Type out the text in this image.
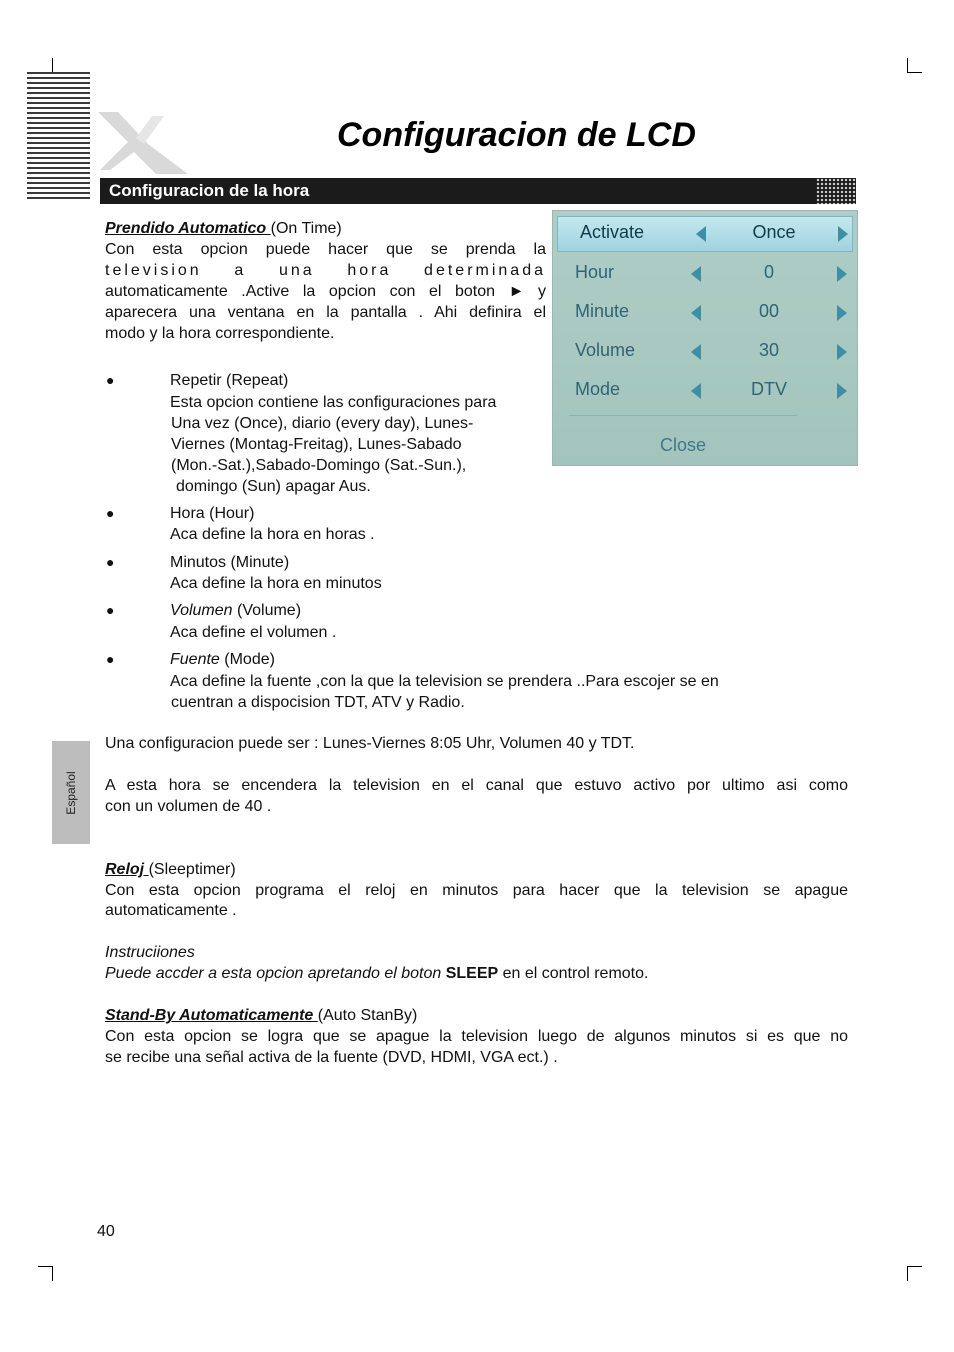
Configuracion de LCD
Configuracion de la hora
Activate	Once
Hour	0
Minute	00
Volume	30
Mode	DTV
Close
Prendido Automatico (On Time)
Con esta opcion puede hacer que se prenda la
television a una hora determinada
automaticamente .Active la opcion con el boton ► y
aparecera una ventana en la pantalla . Ahi definira el
modo y la hora correspondiente.
●	Repetir (Repeat)
Esta opcion contiene las configuraciones para
Una vez (Once), diario (every day), Lunes-
Viernes (Montag-Freitag), Lunes-Sabado
(Mon.-Sat.),Sabado-Domingo (Sat.-Sun.),
domingo (Sun) apagar Aus.
●	Hora (Hour)
Aca define la hora en horas .
●	Minutos (Minute)
Aca define la hora en minutos
●	Volumen (Volume)
Aca define el volumen .
●	Fuente (Mode)
Aca define la fuente ,con la que la television se prendera ..Para escojer se en
cuentran a dispocision TDT, ATV y Radio.
Una configuracion puede ser : Lunes-Viernes 8:05 Uhr, Volumen 40 y TDT.
A esta hora se encendera la television en el canal que estuvo activo por ultimo asi como
con un volumen de 40 .
Español
Reloj (Sleeptimer)
Con esta opcion programa el reloj en minutos para hacer que la television se apague
automaticamente .
Instruciiones
Puede accder a esta opcion apretando el boton SLEEP en el control remoto.
Stand-By Automaticamente (Auto StanBy)
Con esta opcion se logra que se apague la television luego de algunos minutos si es que no
se recibe una señal activa de la fuente (DVD, HDMI, VGA ect.) .
40
